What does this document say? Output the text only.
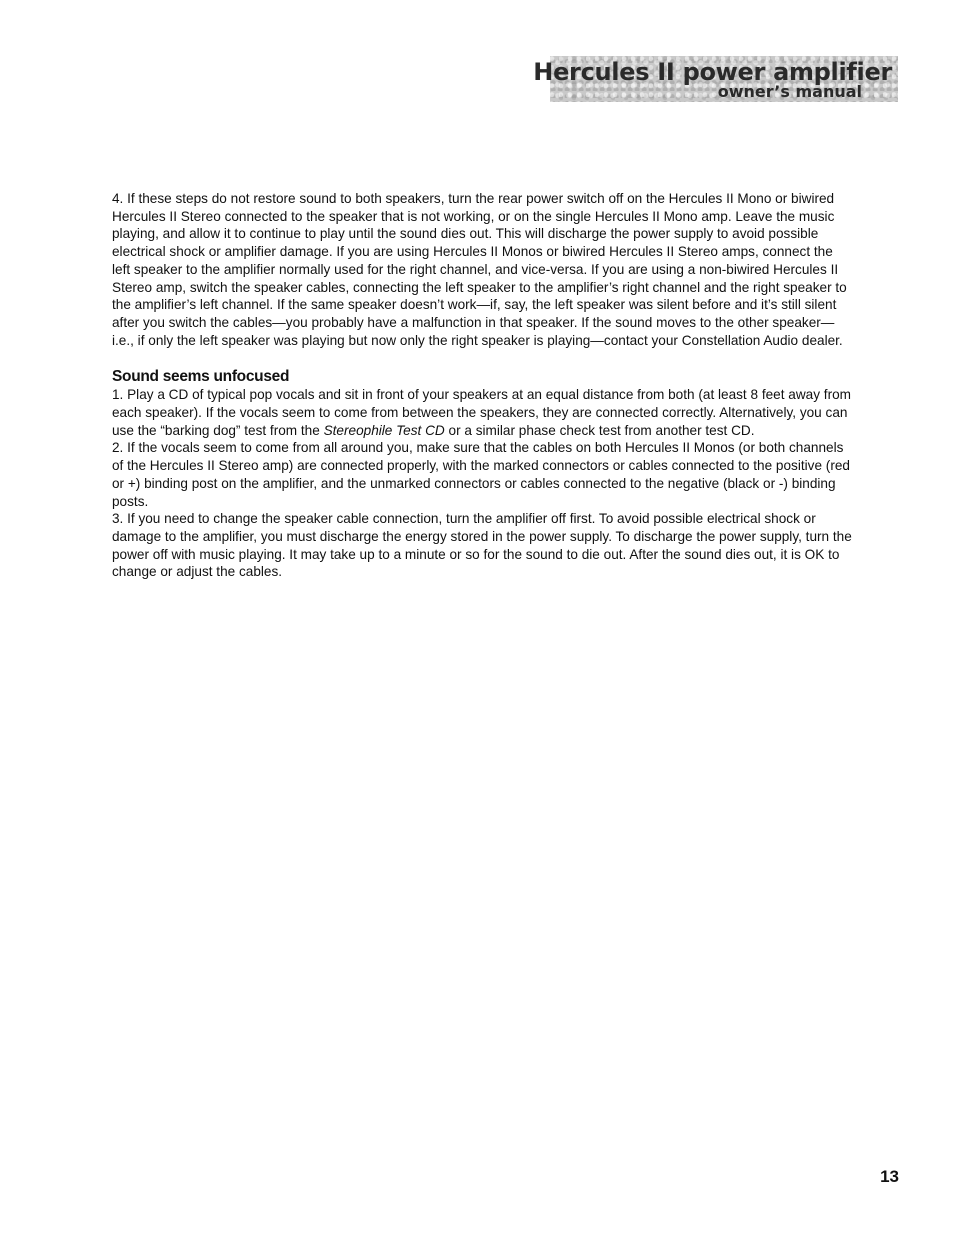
Hercules II power amplifier
owner’s manual

4. If these steps do not restore sound to both speakers, turn the rear power switch off on the Hercules II Mono or biwired Hercules II Stereo connected to the speaker that is not working, or on the single Hercules II Mono amp. Leave the music playing, and allow it to continue to play until the sound dies out. This will discharge the power supply to avoid possible electrical shock or amplifier damage. If you are using Hercules II Monos or biwired Hercules II Stereo amps, connect the left speaker to the amplifier normally used for the right channel, and vice-versa. If you are using a non-biwired Hercules II Stereo amp, switch the speaker cables, connecting the left speaker to the amplifier’s right channel and the right speaker to the amplifier’s left channel. If the same speaker doesn’t work—if, say, the left speaker was silent before and it’s still silent after you switch the cables—you probably have a malfunction in that speaker. If the sound moves to the other speaker—i.e., if only the left speaker was playing but now only the right speaker is playing—contact your Constellation Audio dealer.

Sound seems unfocused

1. Play a CD of typical pop vocals and sit in front of your speakers at an equal distance from both (at least 8 feet away from each speaker). If the vocals seem to come from between the speakers, they are connected correctly. Alternatively, you can use the “barking dog” test from the Stereophile Test CD or a similar phase check test from another test CD.

2. If the vocals seem to come from all around you, make sure that the cables on both Hercules II Monos (or both channels of the Hercules II Stereo amp) are connected properly, with the marked connectors or cables connected to the positive (red or +) binding post on the amplifier, and the unmarked connectors or cables connected to the negative (black or -) binding posts.

3. If you need to change the speaker cable connection, turn the amplifier off first. To avoid possible electrical shock or damage to the amplifier, you must discharge the energy stored in the power supply. To discharge the power supply, turn the power off with music playing. It may take up to a minute or so for the sound to die out. After the sound dies out, it is OK to change or adjust the cables.

13
